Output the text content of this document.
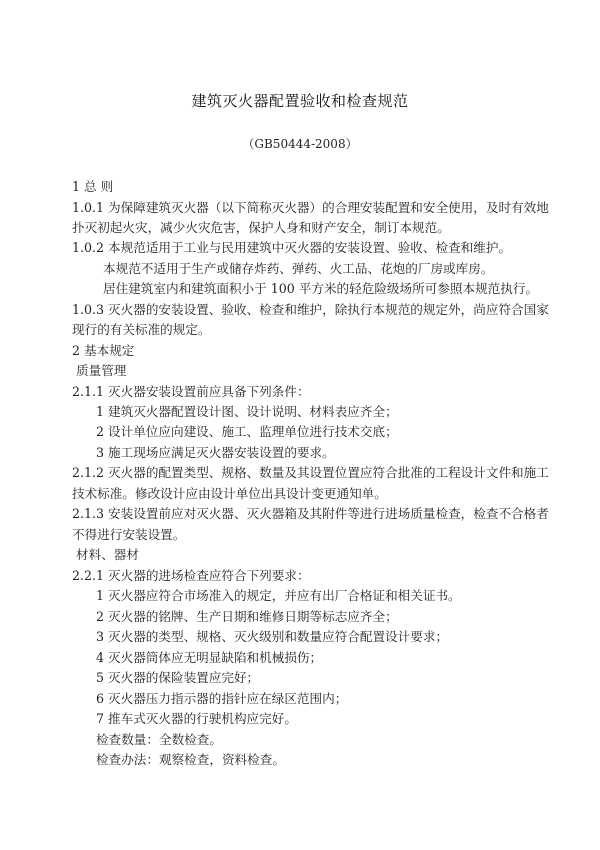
建筑灭火器配置验收和检查规范
（GB50444-2008）
1 总 则
1.0.1 为保障建筑灭火器（以下简称灭火器）的合理安装配置和安全使用，及时有效地
扑灭初起火灾，减少火灾危害，保护人身和财产安全，制订本规范。
1.0.2 本规范适用于工业与民用建筑中灭火器的安装设置、验收、检查和维护。
本规范不适用于生产或储存炸药、弹药、火工品、花炮的厂房或库房。
居住建筑室内和建筑面积小于 100 平方米的轻危险级场所可参照本规范执行。
1.0.3 灭火器的安装设置、验收、检查和维护，除执行本规范的规定外，尚应符合国家
现行的有关标准的规定。
2 基本规定
质量管理
2.1.1 灭火器安装设置前应具备下列条件：
1 建筑灭火器配置设计图、设计说明、材料表应齐全；
2 设计单位应向建设、施工、监理单位进行技术交底；
3 施工现场应满足灭火器安装设置的要求。
2.1.2 灭火器的配置类型、规格、数量及其设置位置应符合批准的工程设计文件和施工
技术标准。修改设计应由设计单位出具设计变更通知单。
2.1.3 安装设置前应对灭火器、灭火器箱及其附件等进行进场质量检查，检查不合格者
不得进行安装设置。
材料、器材
2.2.1 灭火器的进场检查应符合下列要求：
1 灭火器应符合市场准入的规定，并应有出厂合格证和相关证书。
2 灭火器的铭牌、生产日期和维修日期等标志应齐全；
3 灭火器的类型、规格、灭火级别和数量应符合配置设计要求；
4 灭火器筒体应无明显缺陷和机械损伤；
5 灭火器的保险装置应完好；
6 灭火器压力指示器的指针应在绿区范围内；
7 推车式灭火器的行驶机构应完好。
检查数量：全数检查。
检查办法：观察检查，资料检查。
